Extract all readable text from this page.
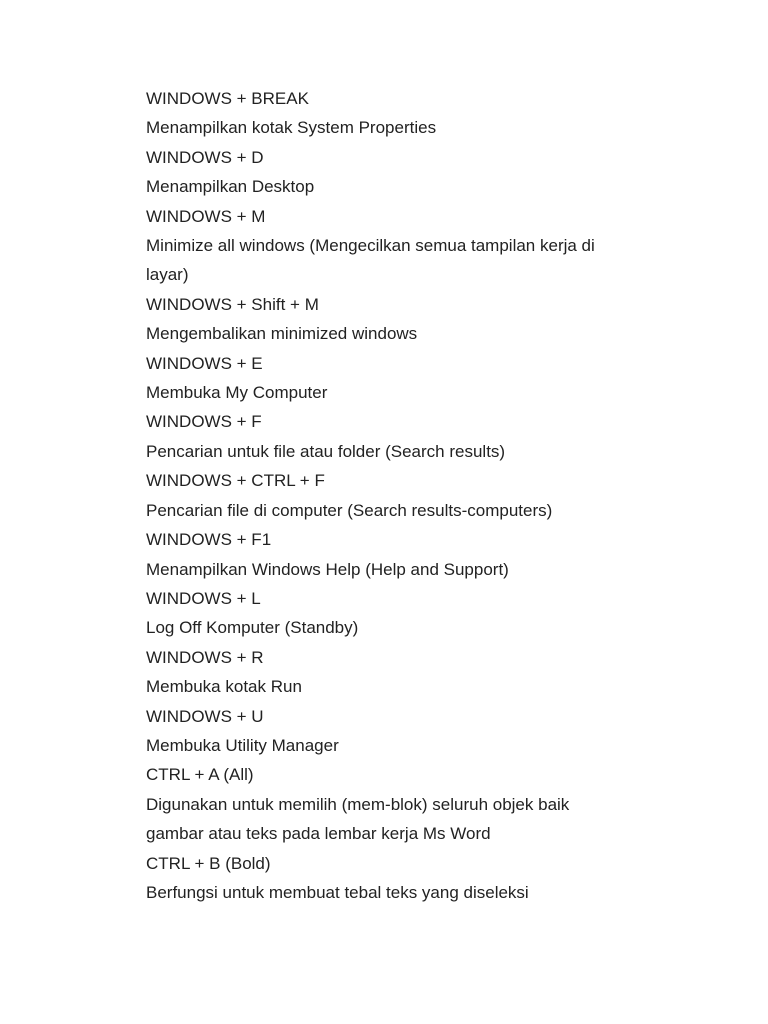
WINDOWS + BREAK
Menampilkan kotak System Properties
WINDOWS + D
Menampilkan Desktop
WINDOWS + M
Minimize all windows (Mengecilkan semua tampilan kerja di
layar)
WINDOWS + Shift + M
Mengembalikan minimized windows
WINDOWS + E
Membuka My Computer
WINDOWS + F
Pencarian untuk file atau folder (Search results)
WINDOWS + CTRL + F
Pencarian file di computer (Search results-computers)
WINDOWS + F1
Menampilkan Windows Help (Help and Support)
WINDOWS + L
Log Off Komputer (Standby)
WINDOWS + R
Membuka kotak Run
WINDOWS + U
Membuka Utility Manager
CTRL + A (All)
Digunakan untuk memilih (mem-blok) seluruh objek baik
gambar atau teks pada lembar kerja Ms Word
CTRL + B (Bold)
Berfungsi untuk membuat tebal teks yang diseleksi
